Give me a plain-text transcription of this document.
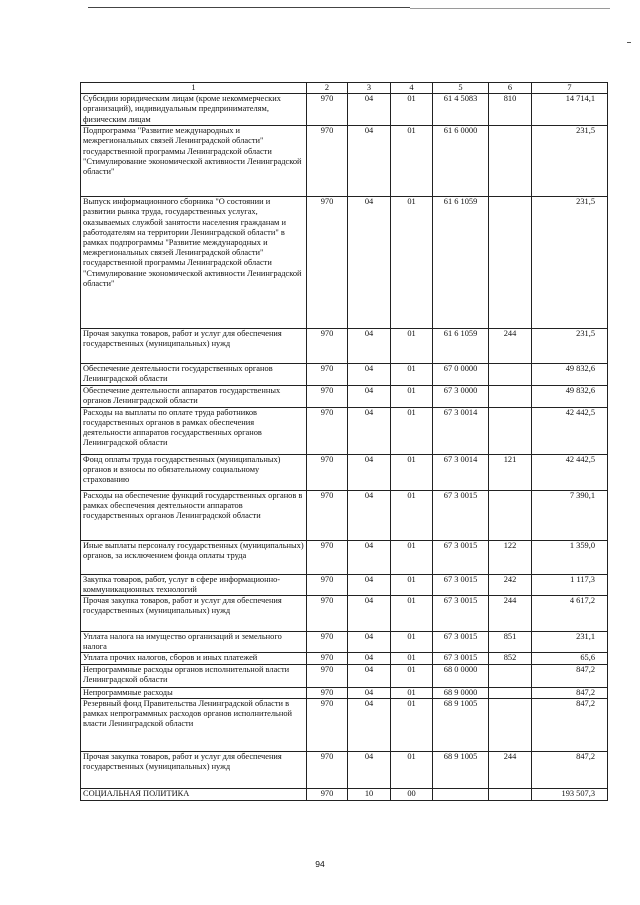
1	2	3	4	5	6	7
Субсидии юридическим лицам (кроме некоммерческих организаций), индивидуальным предпринимателям, физическим лицам	970	04	01	61 4 5083	810	14 714,1
Подпрограмма "Развитие международных и межрегиональных связей Ленинградской области" государственной программы Ленинградской области "Стимулирование экономической активности Ленинградской области"	970	04	01	61 6 0000		231,5
Выпуск информационного сборника "О состоянии и развитии рынка труда, государственных услугах, оказываемых службой занятости населения гражданам и работодателям на территории Ленинградской области" в рамках подпрограммы "Развитие международных и межрегиональных связей Ленинградской области" государственной программы Ленинградской области "Стимулирование экономической активности Ленинградской области"	970	04	01	61 6 1059		231,5
Прочая закупка товаров, работ и услуг для обеспечения государственных (муниципальных) нужд	970	04	01	61 6 1059	244	231,5
Обеспечение деятельности государственных органов Ленинградской области	970	04	01	67 0 0000		49 832,6
Обеспечение деятельности аппаратов государственных органов Ленинградской области	970	04	01	67 3 0000		49 832,6
Расходы на выплаты по оплате труда работников государственных органов в рамках обеспечения деятельности аппаратов государственных органов Ленинградской области	970	04	01	67 3 0014		42 442,5
Фонд оплаты труда государственных (муниципальных) органов и взносы по обязательному социальному страхованию	970	04	01	67 3 0014	121	42 442,5
Расходы на обеспечение функций государственных органов в рамках обеспечения деятельности аппаратов государственных органов Ленинградской области	970	04	01	67 3 0015		7 390,1
Иные выплаты персоналу государственных (муниципальных) органов, за исключением фонда оплаты труда	970	04	01	67 3 0015	122	1 359,0
Закупка товаров, работ, услуг в сфере информационно-коммуникационных технологий	970	04	01	67 3 0015	242	1 117,3
Прочая закупка товаров, работ и услуг для обеспечения государственных (муниципальных) нужд	970	04	01	67 3 0015	244	4 617,2
Уплата налога на имущество организаций и земельного налога	970	04	01	67 3 0015	851	231,1
Уплата прочих налогов, сборов и иных платежей	970	04	01	67 3 0015	852	65,6
Непрограммные расходы органов исполнительной власти Ленинградской области	970	04	01	68 0 0000		847,2
Непрограммные расходы	970	04	01	68 9 0000		847,2
Резервный фонд Правительства Ленинградской области в рамках непрограммных расходов органов исполнительной власти Ленинградской области	970	04	01	68 9 1005		847,2
Прочая закупка товаров, работ и услуг для обеспечения государственных (муниципальных) нужд	970	04	01	68 9 1005	244	847,2
СОЦИАЛЬНАЯ ПОЛИТИКА	970	10	00			193 507,3
94
